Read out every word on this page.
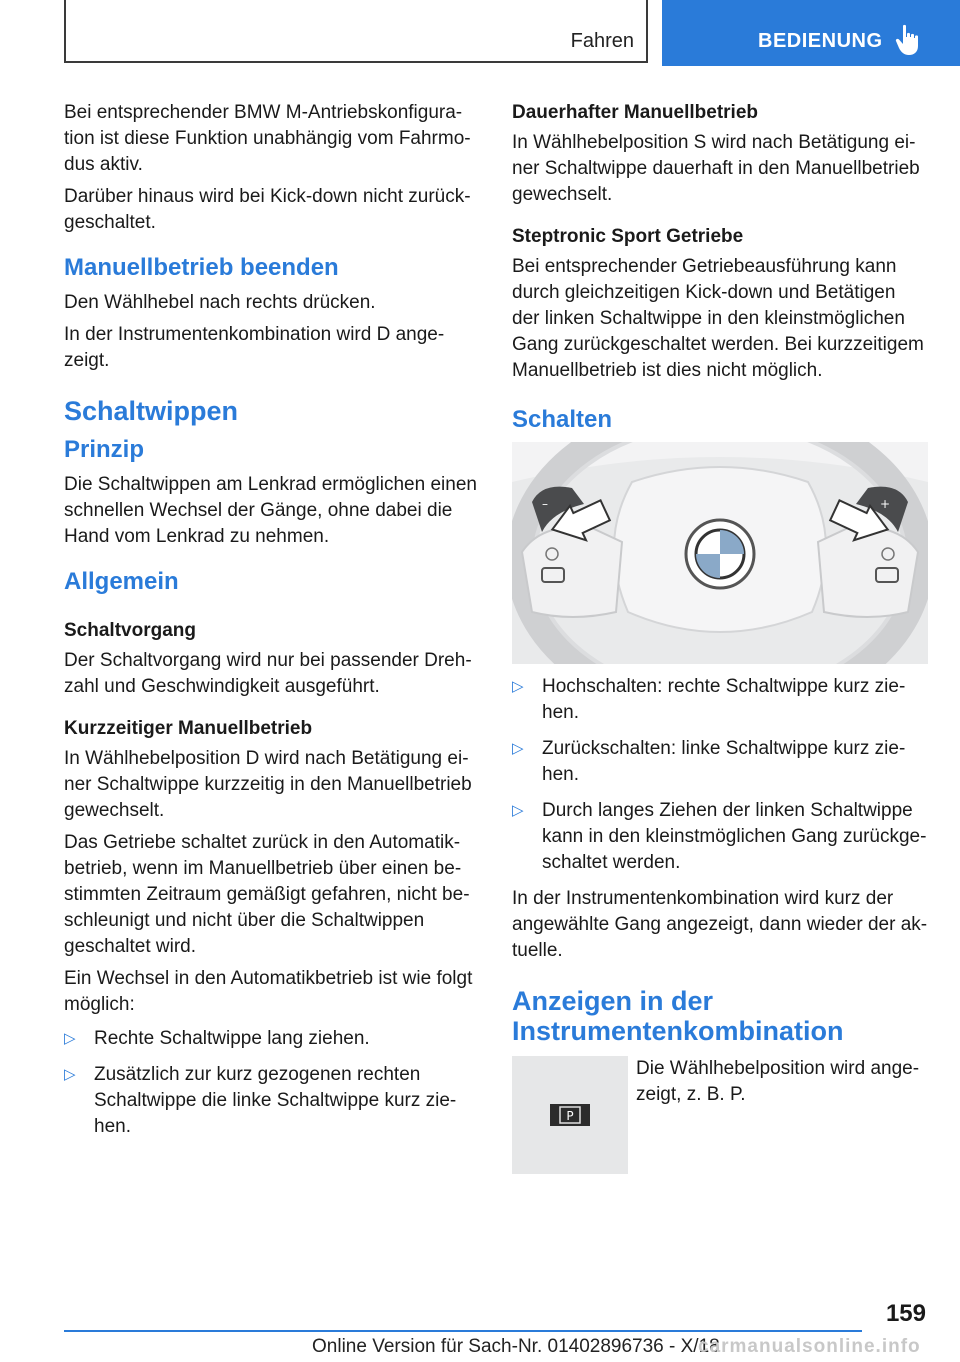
Fahren	BEDIENUNG

Bei entsprechender BMW M-Antriebskonfiguration ist diese Funktion unabhängig vom Fahrmodus aktiv.

Darüber hinaus wird bei Kick-down nicht zurückgeschaltet.

Manuellbetrieb beenden

Den Wählhebel nach rechts drücken.

In der Instrumentenkombination wird D angezeigt.

Schaltwippen
Prinzip

Die Schaltwippen am Lenkrad ermöglichen einen schnellen Wechsel der Gänge, ohne dabei die Hand vom Lenkrad zu nehmen.

Allgemein
Schaltvorgang

Der Schaltvorgang wird nur bei passender Drehzahl und Geschwindigkeit ausgeführt.

Kurzzeitiger Manuellbetrieb

In Wählhebelposition D wird nach Betätigung einer Schaltwippe kurzzeitig in den Manuellbetrieb gewechselt.

Das Getriebe schaltet zurück in den Automatikbetrieb, wenn im Manuellbetrieb über einen bestimmten Zeitraum gemäßigt gefahren, nicht beschleunigt und nicht über die Schaltwippen geschaltet wird.

Ein Wechsel in den Automatikbetrieb ist wie folgt möglich:

▷ Rechte Schaltwippe lang ziehen.
▷ Zusätzlich zur kurz gezogenen rechten Schaltwippe die linke Schaltwippe kurz ziehen.
Dauerhafter Manuellbetrieb

In Wählhebelposition S wird nach Betätigung einer Schaltwippe dauerhaft in den Manuellbetrieb gewechselt.

Steptronic Sport Getriebe

Bei entsprechender Getriebeausführung kann durch gleichzeitigen Kick-down und Betätigen der linken Schaltwippe in den kleinstmöglichen Gang zurückgeschaltet werden. Bei kurzzeitigem Manuellbetrieb ist dies nicht möglich.

Schalten
–	+
▷ Hochschalten: rechte Schaltwippe kurz ziehen.
▷ Zurückschalten: linke Schaltwippe kurz ziehen.
▷ Durch langes Ziehen der linken Schaltwippe kann in den kleinstmöglichen Gang zurückgeschaltet werden.

In der Instrumentenkombination wird kurz der angewählte Gang angezeigt, dann wieder der aktuelle.

Anzeigen in der Instrumentenkombination
P

Die Wählhebelposition wird angezeigt, z. B. P.

159
Online Version für Sach-Nr. 01402896736 - X/18
carmanualsonline.info
